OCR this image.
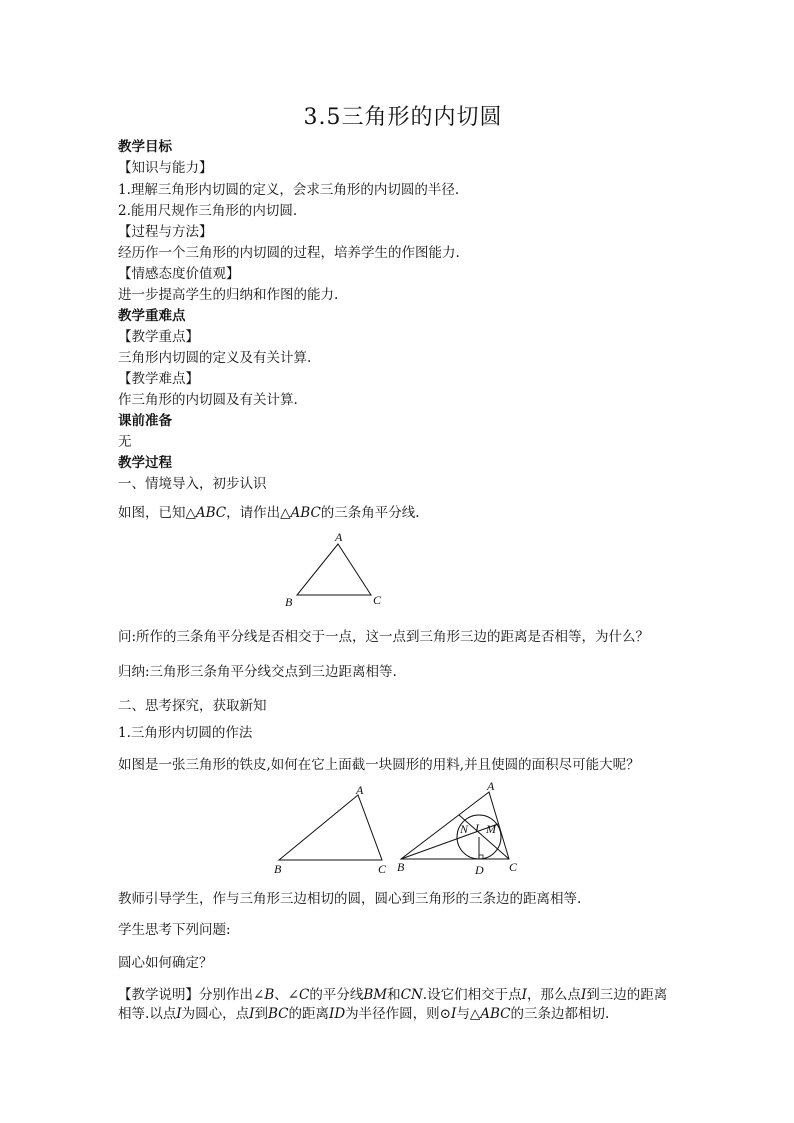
3.5三角形的内切圆
教学目标
【知识与能力】
1.理解三角形内切圆的定义，会求三角形的内切圆的半径.
2.能用尺规作三角形的内切圆.
【过程与方法】
经历作一个三角形的内切圆的过程，培养学生的作图能力.
【情感态度价值观】
进一步提高学生的归纳和作图的能力.
教学重难点
【教学重点】
三角形内切圆的定义及有关计算.
【教学难点】
作三角形的内切圆及有关计算.
课前准备
无
教学过程
一、情境导入，初步认识
如图，已知△ABC，请作出△ABC的三条角平分线.
A
B	C
问:所作的三条角平分线是否相交于一点，这一点到三角形三边的距离是否相等，为什么？
归纳:三角形三条角平分线交点到三边距离相等.
二、思考探究，获取新知
1.三角形内切圆的作法
如图是一张三角形的铁皮,如何在它上面截一块圆形的用料,并且使圆的面积尽可能大呢？
A
B	C
A
B	C
N I M
D
教师引导学生，作与三角形三边相切的圆，圆心到三角形的三条边的距离相等.
学生思考下列问题:
圆心如何确定？
【教学说明】分别作出∠B、∠C的平分线BM和CN.设它们相交于点I，那么点I到三边的距离
相等.以点I为圆心，点I到BC的距离ID为半径作圆，则⊙I与△ABC的三条边都相切.
